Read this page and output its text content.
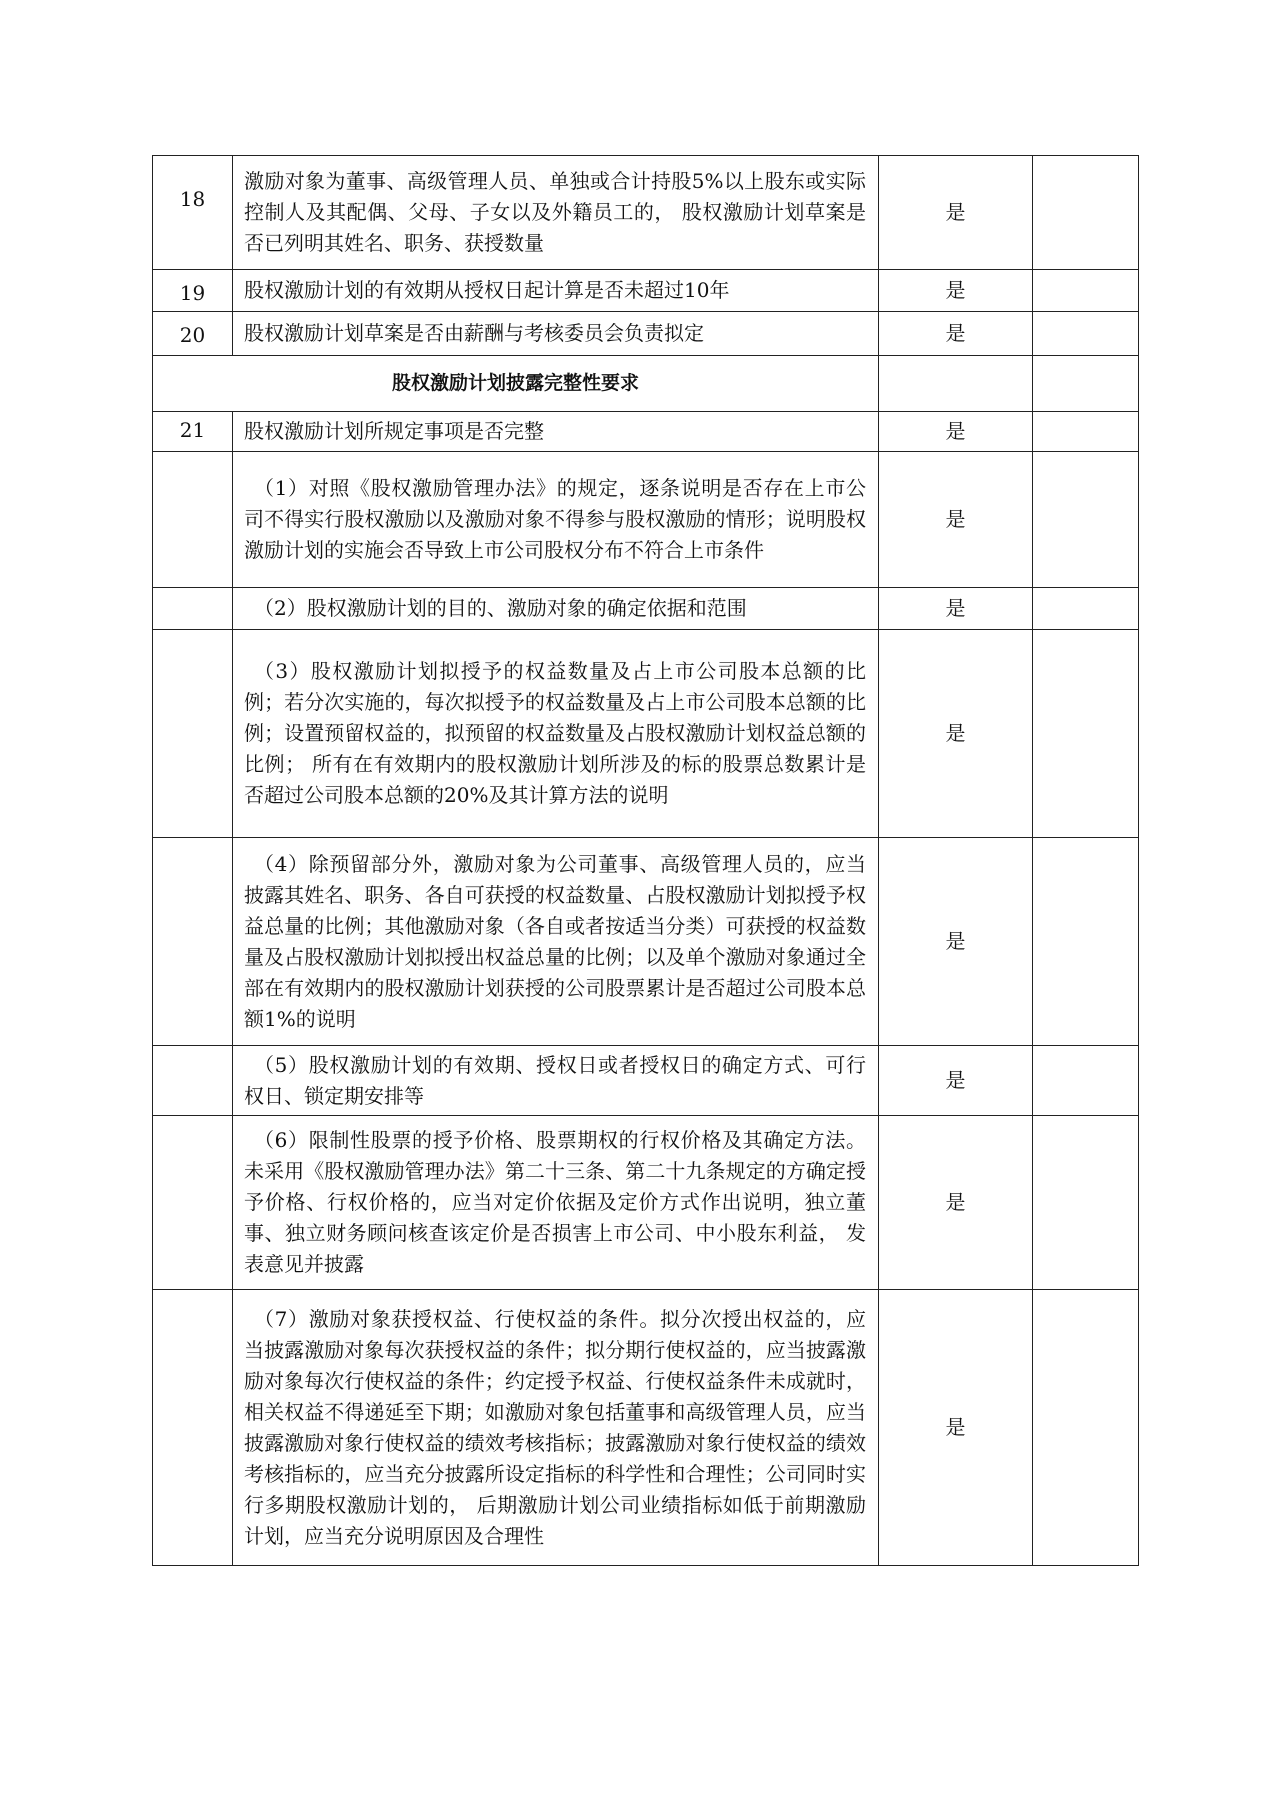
18	激励对象为董事、高级管理人员、单独或合计持股5%以上股东或实际控制人及其配偶、父母、子女以及外籍员工的， 股权激励计划草案是否已列明其姓名、职务、获授数量	是	
19	股权激励计划的有效期从授权日起计算是否未超过10年	是	
20	股权激励计划草案是否由薪酬与考核委员会负责拟定	是	
股权激励计划披露完整性要求			
21	股权激励计划所规定事项是否完整	是	
	（1）对照《股权激励管理办法》的规定，逐条说明是否存在上市公司不得实行股权激励以及激励对象不得参与股权激励的情形；说明股权激励计划的实施会否导致上市公司股权分布不符合上市条件	是	
	（2）股权激励计划的目的、激励对象的确定依据和范围	是	
	（3）股权激励计划拟授予的权益数量及占上市公司股本总额的比例；若分次实施的，每次拟授予的权益数量及占上市公司股本总额的比例；设置预留权益的，拟预留的权益数量及占股权激励计划权益总额的比例； 所有在有效期内的股权激励计划所涉及的标的股票总数累计是否超过公司股本总额的20%及其计算方法的说明	是	
	（4）除预留部分外，激励对象为公司董事、高级管理人员的，应当披露其姓名、职务、各自可获授的权益数量、占股权激励计划拟授予权益总量的比例；其他激励对象（各自或者按适当分类）可获授的权益数量及占股权激励计划拟授出权益总量的比例；以及单个激励对象通过全部在有效期内的股权激励计划获授的公司股票累计是否超过公司股本总额1%的说明	是	
	（5）股权激励计划的有效期、授权日或者授权日的确定方式、可行权日、锁定期安排等	是	
	（6）限制性股票的授予价格、股票期权的行权价格及其确定方法。未采用《股权激励管理办法》第二十三条、第二十九条规定的方确定授予价格、行权价格的，应当对定价依据及定价方式作出说明，独立董事、独立财务顾问核查该定价是否损害上市公司、中小股东利益， 发表意见并披露	是	
	（7）激励对象获授权益、行使权益的条件。拟分次授出权益的，应当披露激励对象每次获授权益的条件；拟分期行使权益的，应当披露激励对象每次行使权益的条件；约定授予权益、行使权益条件未成就时，相关权益不得递延至下期；如激励对象包括董事和高级管理人员，应当披露激励对象行使权益的绩效考核指标；披露激励对象行使权益的绩效考核指标的，应当充分披露所设定指标的科学性和合理性；公司同时实行多期股权激励计划的， 后期激励计划公司业绩指标如低于前期激励计划，应当充分说明原因及合理性	是	
